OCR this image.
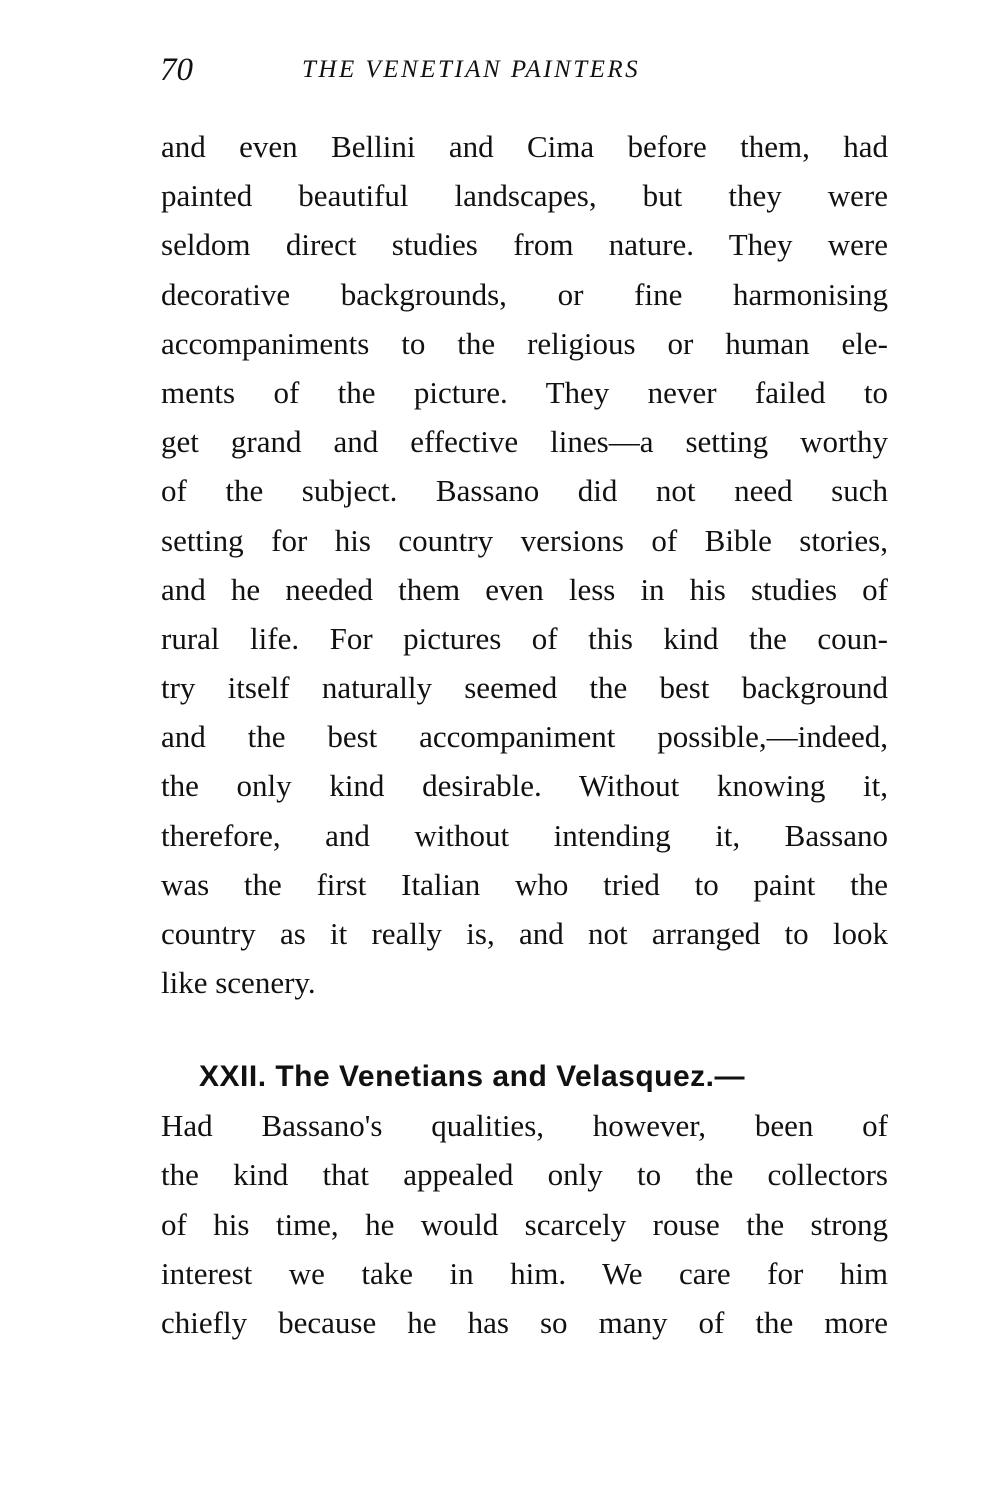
70	THE VENETIAN PAINTERS
and even Bellini and Cima before them, had
painted beautiful landscapes, but they were
seldom direct studies from nature. They were
decorative backgrounds, or fine harmonising
accompaniments to the religious or human ele-
ments of the picture. They never failed to
get grand and effective lines—a setting worthy
of the subject. Bassano did not need such
setting for his country versions of Bible stories,
and he needed them even less in his studies of
rural life. For pictures of this kind the coun-
try itself naturally seemed the best background
and the best accompaniment possible,—indeed,
the only kind desirable. Without knowing it,
therefore, and without intending it, Bassano
was the first Italian who tried to paint the
country as it really is, and not arranged to look
like scenery.
XXII. The Venetians and Velasquez.—
Had Bassano's qualities, however, been of
the kind that appealed only to the collectors
of his time, he would scarcely rouse the strong
interest we take in him. We care for him
chiefly because he has so many of the more
